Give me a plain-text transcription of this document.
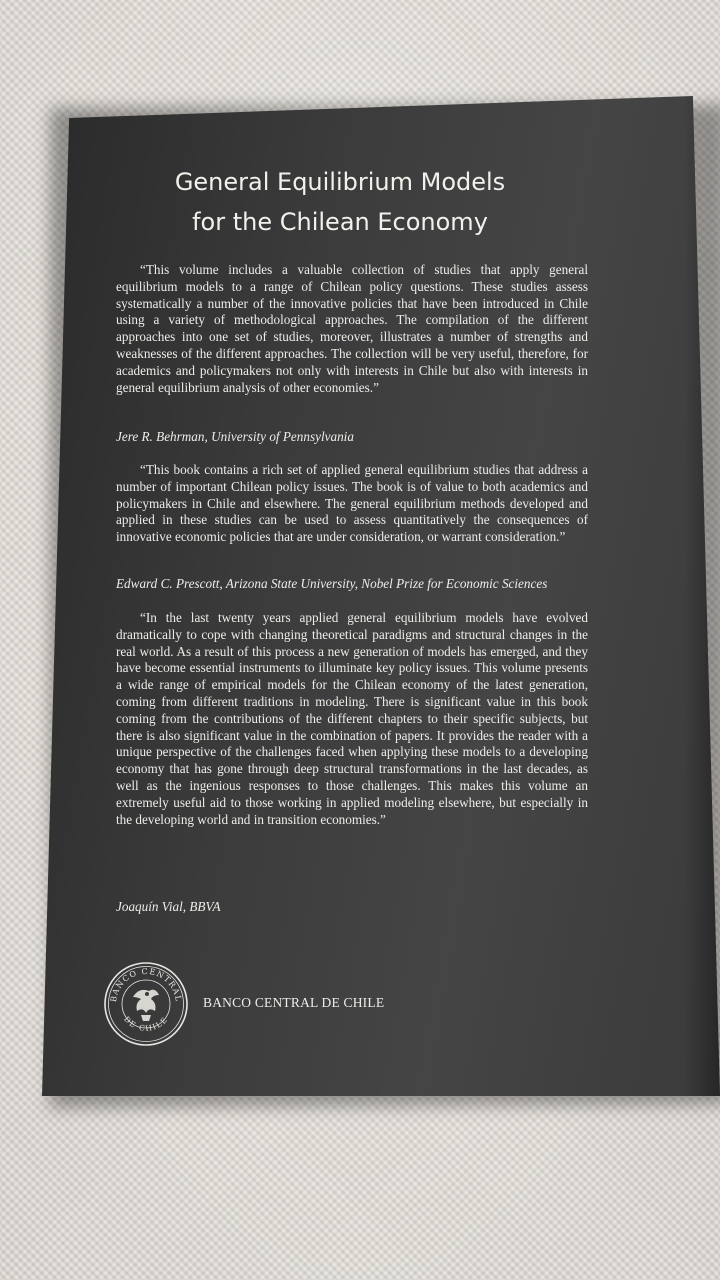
General Equilibrium Models
for the Chilean Economy

“This volume includes a valuable collection of studies that apply general equilibrium models to a range of Chilean policy questions. These studies assess systematically a number of the innovative policies that have been introduced in Chile using a variety of methodological approaches. The compilation of the different approaches into one set of studies, moreover, illustrates a number of strengths and weaknesses of the different approaches. The collection will be very useful, therefore, for academics and policymakers not only with interests in Chile but also with interests in general equilibrium analysis of other economies.”

Jere R. Behrman, University of Pennsylvania

“This book contains a rich set of applied general equilibrium studies that address a number of important Chilean policy issues. The book is of value to both academics and policymakers in Chile and elsewhere. The general equilibrium methods developed and applied in these studies can be used to assess quantitatively the consequences of innovative economic policies that are under consideration, or warrant consideration.”

Edward C. Prescott, Arizona State University, Nobel Prize for Economic Sciences

“In the last twenty years applied general equilibrium models have evolved dramatically to cope with changing theoretical paradigms and structural changes in the real world. As a result of this process a new generation of models has emerged, and they have become essential instruments to illuminate key policy issues. This volume presents a wide range of empirical models for the Chilean economy of the latest generation, coming from different traditions in modeling. There is significant value in this book coming from the contributions of the different chapters to their specific subjects, but there is also significant value in the combination of papers. It provides the reader with a unique perspective of the challenges faced when applying these models to a developing economy that has gone through deep structural transformations in the last decades, as well as the ingenious responses to those challenges. This makes this volume an extremely useful aid to those working in applied modeling elsewhere, but especially in the developing world and in transition economies.”

Joaquín Vial, BBVA

BANCO CENTRAL
DE CHILE

BANCO CENTRAL DE CHILE
